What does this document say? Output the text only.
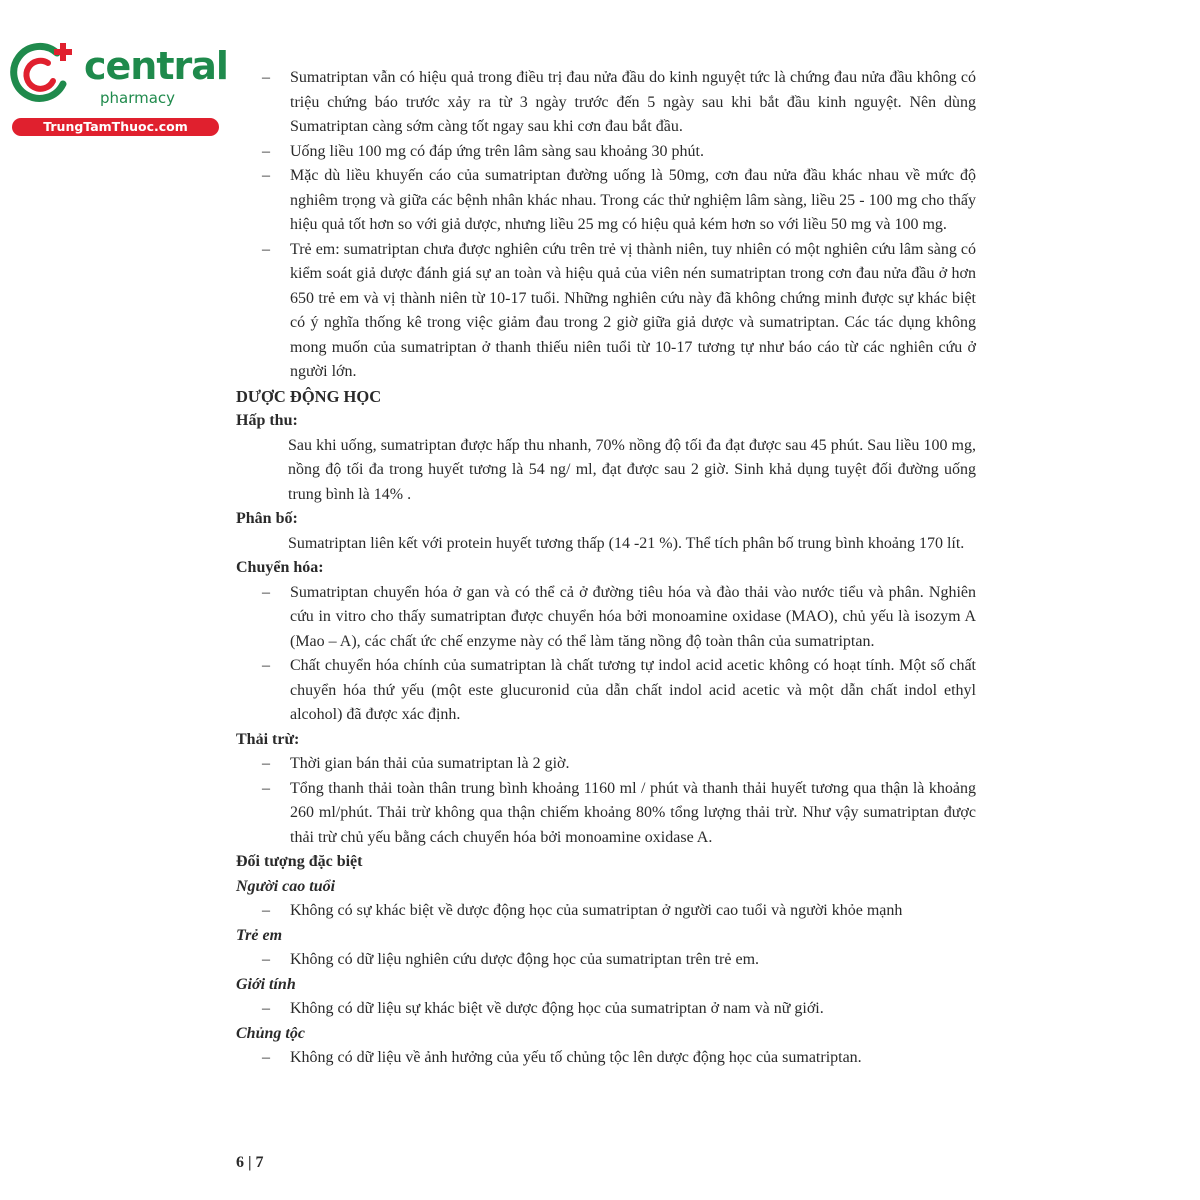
central
pharmacy
TrungTamThuoc.com
– Sumatriptan vẫn có hiệu quả trong điều trị đau nửa đầu do kinh nguyệt tức là chứng đau nửa đầu không có triệu chứng báo trước xảy ra từ 3 ngày trước đến 5 ngày sau khi bắt đầu kinh nguyệt. Nên dùng Sumatriptan càng sớm càng tốt ngay sau khi cơn đau bắt đầu.
– Uống liều 100 mg có đáp ứng trên lâm sàng sau khoảng 30 phút.
– Mặc dù liều khuyến cáo của sumatriptan đường uống là 50mg, cơn đau nửa đầu khác nhau về mức độ nghiêm trọng và giữa các bệnh nhân khác nhau. Trong các thử nghiệm lâm sàng, liều 25 - 100 mg cho thấy hiệu quả tốt hơn so với giả dược, nhưng liều 25 mg có hiệu quả kém hơn so với liều 50 mg và 100 mg.
– Trẻ em: sumatriptan chưa được nghiên cứu trên trẻ vị thành niên, tuy nhiên có một nghiên cứu lâm sàng có kiểm soát giả dược đánh giá sự an toàn và hiệu quả của viên nén sumatriptan trong cơn đau nửa đầu ở hơn 650 trẻ em và vị thành niên từ 10-17 tuổi. Những nghiên cứu này đã không chứng minh được sự khác biệt có ý nghĩa thống kê trong việc giảm đau trong 2 giờ giữa giả dược và sumatriptan. Các tác dụng không mong muốn của sumatriptan ở thanh thiếu niên tuổi từ 10-17 tương tự như báo cáo từ các nghiên cứu ở người lớn.
DƯỢC ĐỘNG HỌC
Hấp thu:
Sau khi uống, sumatriptan được hấp thu nhanh, 70% nồng độ tối đa đạt được sau 45 phút. Sau liều 100 mg, nồng độ tối đa trong huyết tương là 54 ng/ ml, đạt được sau 2 giờ. Sinh khả dụng tuyệt đối đường uống trung bình là 14% .
Phân bố:
Sumatriptan liên kết với protein huyết tương thấp (14 -21 %). Thể tích phân bố trung bình khoảng 170 lít.
Chuyển hóa:
– Sumatriptan chuyển hóa ở gan và có thể cả ở đường tiêu hóa và đào thải vào nước tiểu và phân. Nghiên cứu in vitro cho thấy sumatriptan được chuyển hóa bởi monoamine oxidase (MAO), chủ yếu là isozym A (Mao – A), các chất ức chế enzyme này có thể làm tăng nồng độ toàn thân của sumatriptan.
– Chất chuyển hóa chính của sumatriptan là chất tương tự indol acid acetic không có hoạt tính. Một số chất chuyển hóa thứ yếu (một este glucuronid của dẫn chất indol acid acetic và một dẫn chất indol ethyl alcohol) đã được xác định.
Thải trừ:
– Thời gian bán thải của sumatriptan là 2 giờ.
– Tổng thanh thải toàn thân trung bình khoảng 1160 ml / phút và thanh thải huyết tương qua thận là khoảng 260 ml/phút. Thải trừ không qua thận chiếm khoảng 80% tổng lượng thải trừ. Như vậy sumatriptan được thải trừ chủ yếu bằng cách chuyển hóa bởi monoamine oxidase A.
Đối tượng đặc biệt
Người cao tuổi
– Không có sự khác biệt về dược động học của sumatriptan ở người cao tuổi và người khỏe mạnh
Trẻ em
– Không có dữ liệu nghiên cứu dược động học của sumatriptan trên trẻ em.
Giới tính
– Không có dữ liệu sự khác biệt về dược động học của sumatriptan ở nam và nữ giới.
Chủng tộc
– Không có dữ liệu về ảnh hưởng của yếu tố chủng tộc lên dược động học của sumatriptan.
6 | 7
